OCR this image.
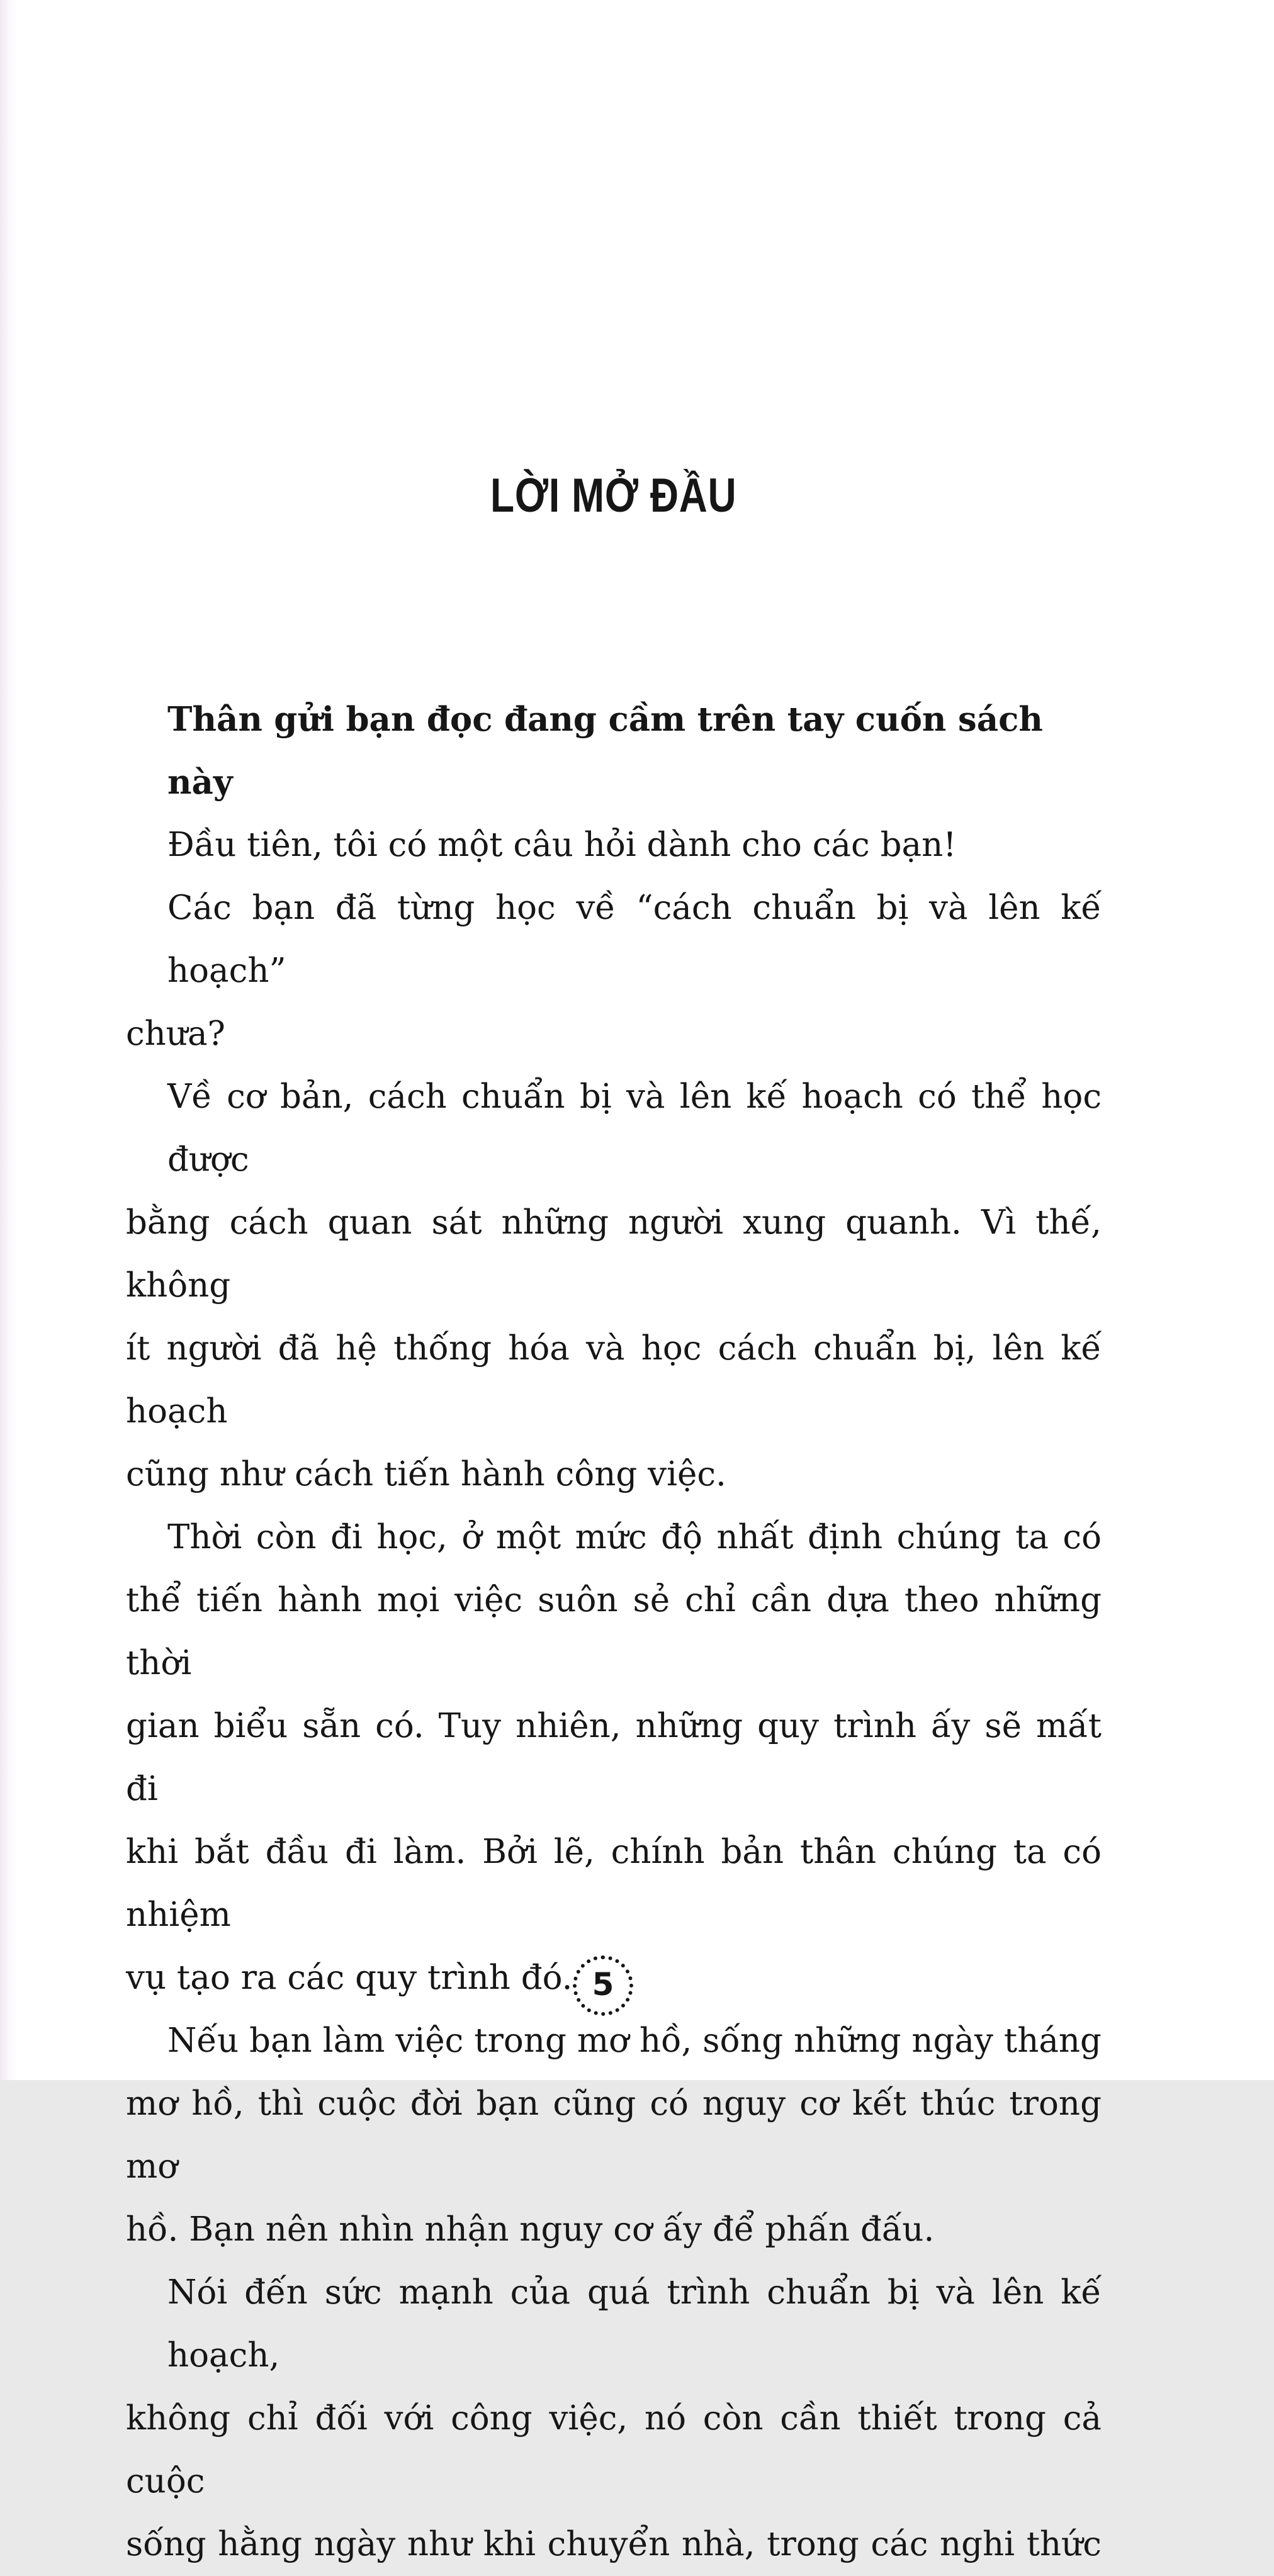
LỜI MỞ ĐẦU
Thân gửi bạn đọc đang cầm trên tay cuốn sách này
Đầu tiên, tôi có một câu hỏi dành cho các bạn!
Các bạn đã từng học về “cách chuẩn bị và lên kế hoạch”
chưa?
Về cơ bản, cách chuẩn bị và lên kế hoạch có thể học được
bằng cách quan sát những người xung quanh. Vì thế, không
ít người đã hệ thống hóa và học cách chuẩn bị, lên kế hoạch
cũng như cách tiến hành công việc.
Thời còn đi học, ở một mức độ nhất định chúng ta có
thể tiến hành mọi việc suôn sẻ chỉ cần dựa theo những thời
gian biểu sẵn có. Tuy nhiên, những quy trình ấy sẽ mất đi
khi bắt đầu đi làm. Bởi lẽ, chính bản thân chúng ta có nhiệm
vụ tạo ra các quy trình đó.
Nếu bạn làm việc trong mơ hồ, sống những ngày tháng
mơ hồ, thì cuộc đời bạn cũng có nguy cơ kết thúc trong mơ
hồ. Bạn nên nhìn nhận nguy cơ ấy để phấn đấu.
Nói đến sức mạnh của quá trình chuẩn bị và lên kế hoạch,
không chỉ đối với công việc, nó còn cần thiết trong cả cuộc
sống hằng ngày như khi chuyển nhà, trong các nghi thức
5
